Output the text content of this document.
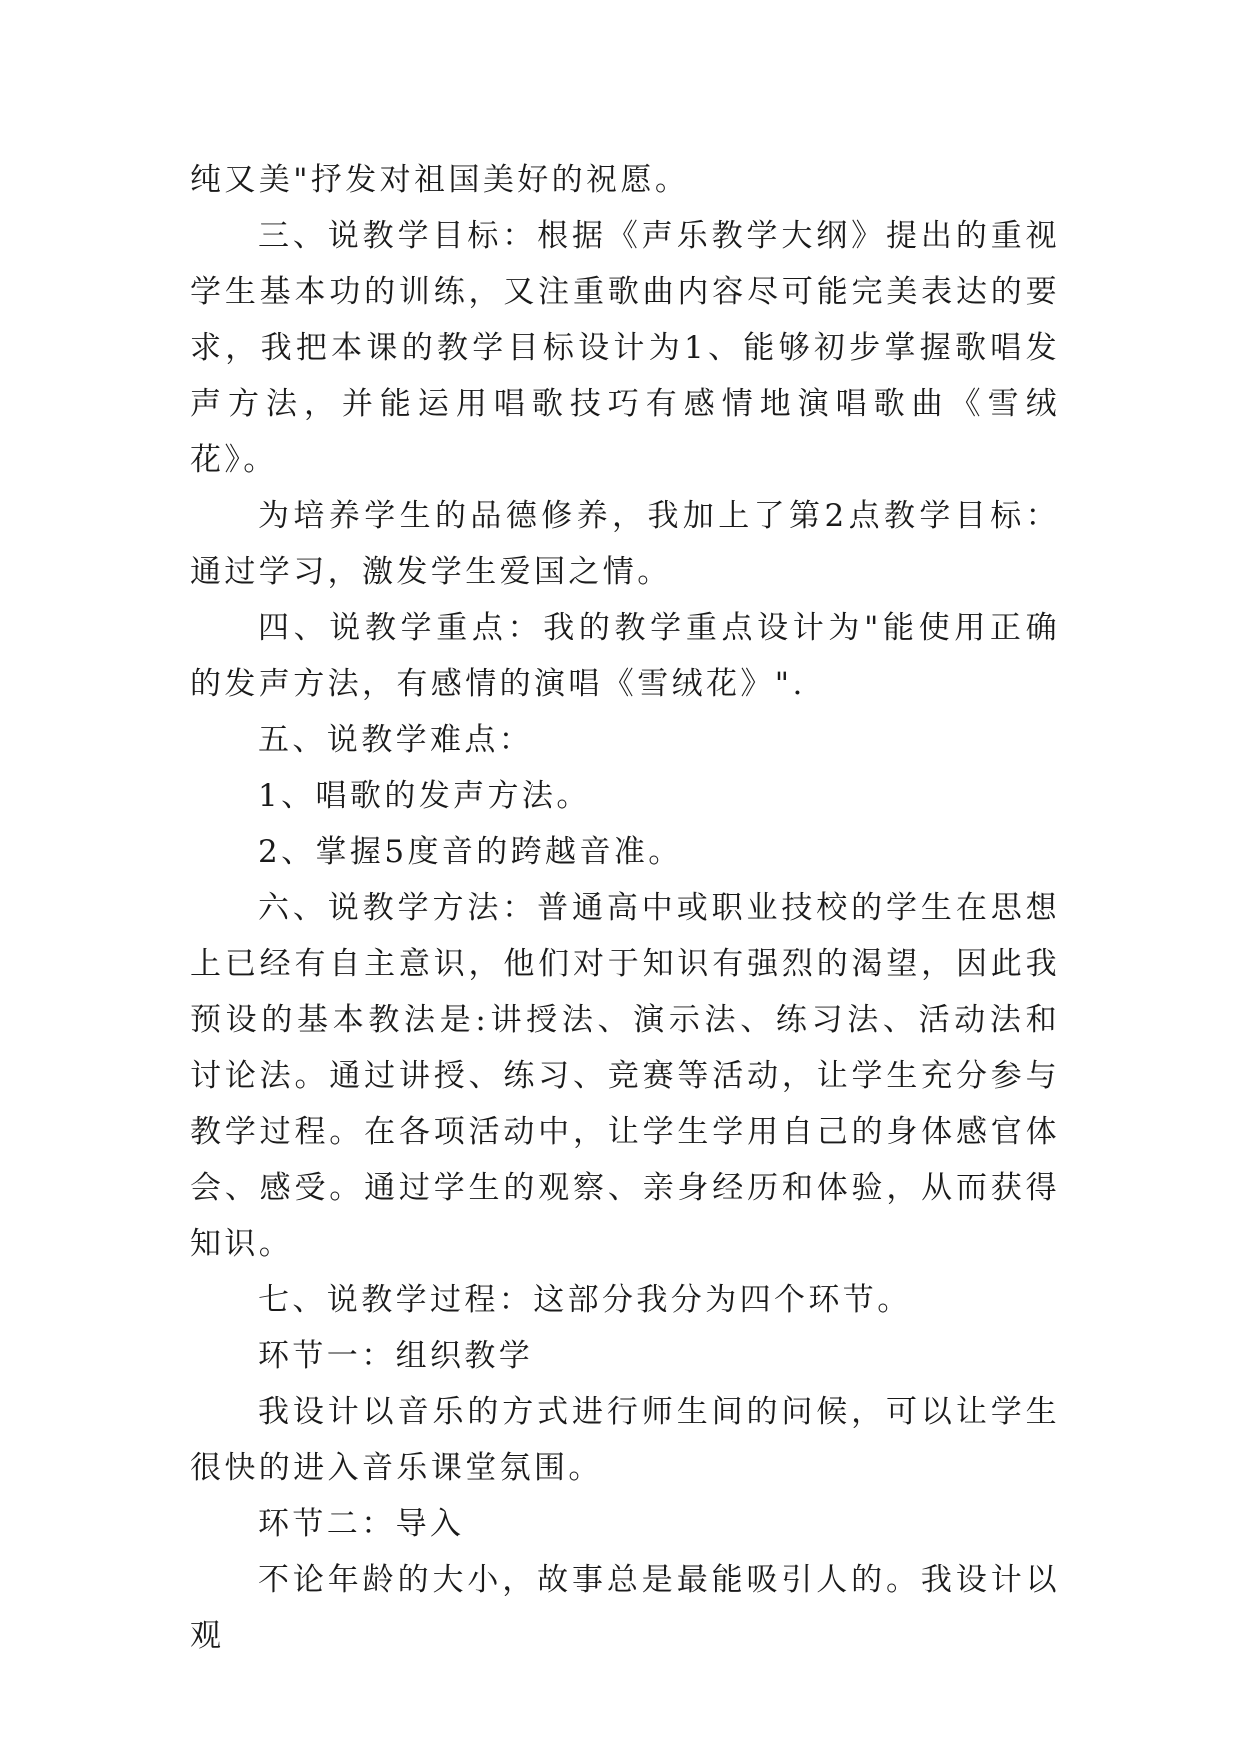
纯又美"抒发对祖国美好的祝愿。

三、说教学目标：根据《声乐教学大纲》提出的重视学生基本功的训练，又注重歌曲内容尽可能完美表达的要求，我把本课的教学目标设计为1、能够初步掌握歌唱发声方法，并能运用唱歌技巧有感情地演唱歌曲《雪绒花》。

为培养学生的品德修养，我加上了第2点教学目标：通过学习，激发学生爱国之情。

四、说教学重点：我的教学重点设计为"能使用正确的发声方法，有感情的演唱《雪绒花》".

五、说教学难点：

1、唱歌的发声方法。

2、掌握5度音的跨越音准。

六、说教学方法：普通高中或职业技校的学生在思想上已经有自主意识，他们对于知识有强烈的渴望，因此我预设的基本教法是:讲授法、演示法、练习法、活动法和讨论法。通过讲授、练习、竞赛等活动，让学生充分参与教学过程。在各项活动中，让学生学用自己的身体感官体会、感受。通过学生的观察、亲身经历和体验，从而获得知识。

七、说教学过程：这部分我分为四个环节。

环节一：组织教学

我设计以音乐的方式进行师生间的问候，可以让学生很快的进入音乐课堂氛围。

环节二：导入

不论年龄的大小，故事总是最能吸引人的。我设计以观
